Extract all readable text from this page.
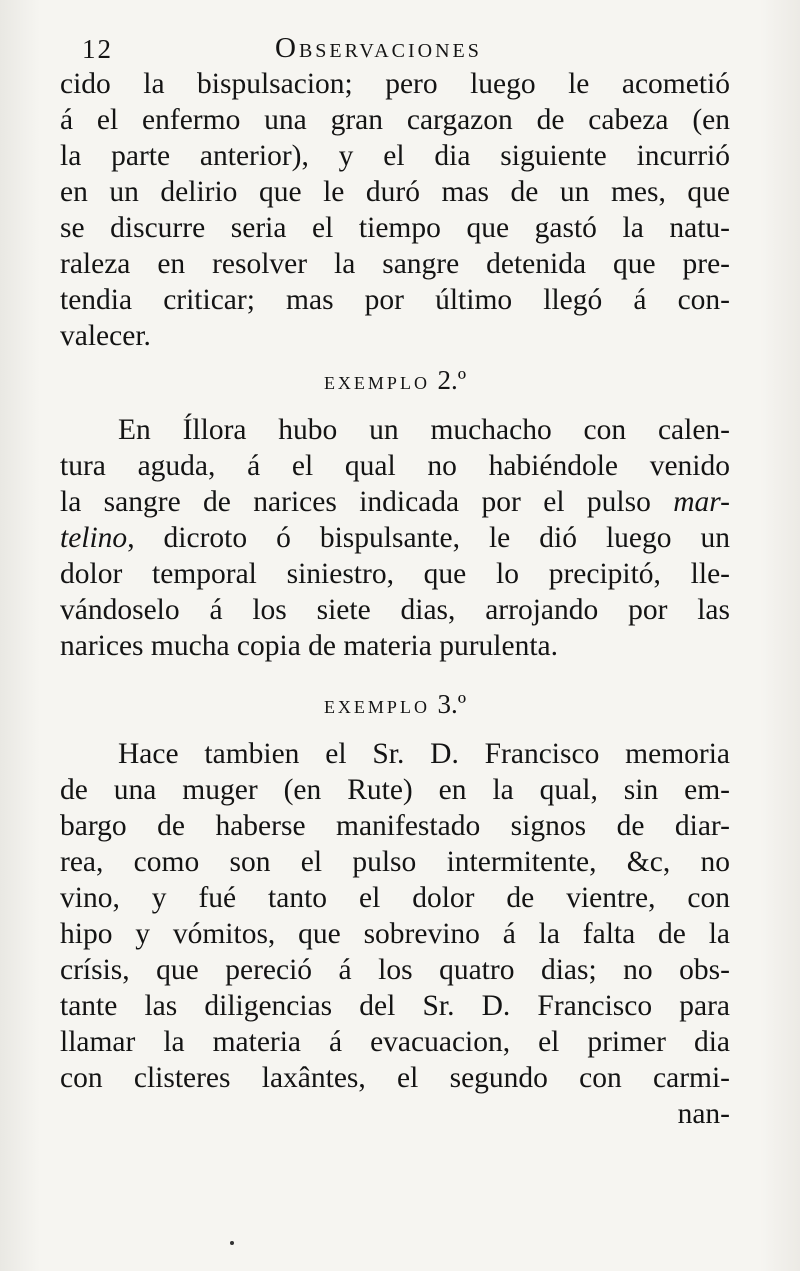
12	Observaciones
cido la bispulsacion; pero luego le acometió
á el enfermo una gran cargazon de cabeza (en
la parte anterior), y el dia siguiente incurrió
en un delirio que le duró mas de un mes, que
se discurre seria el tiempo que gastó la natu-
raleza en resolver la sangre detenida que pre-
tendia criticar; mas por último llegó á con-
valecer.
EXEMPLO 2.º
En Íllora hubo un muchacho con calen-
tura aguda, á el qual no habiéndole venido
la sangre de narices indicada por el pulso mar-
telino, dicroto ó bispulsante, le dió luego un
dolor temporal siniestro, que lo precipitó, lle-
vándoselo á los siete dias, arrojando por las
narices mucha copia de materia purulenta.
EXEMPLO 3.º
Hace tambien el Sr. D. Francisco memoria
de una muger (en Rute) en la qual, sin em-
bargo de haberse manifestado signos de diar-
rea, como son el pulso intermitente, &c, no
vino, y fué tanto el dolor de vientre, con
hipo y vómitos, que sobrevino á la falta de la
crísis, que pereció á los quatro dias; no obs-
tante las diligencias del Sr. D. Francisco para
llamar la materia á evacuacion, el primer dia
con clisteres laxântes, el segundo con carmi-
nan-
